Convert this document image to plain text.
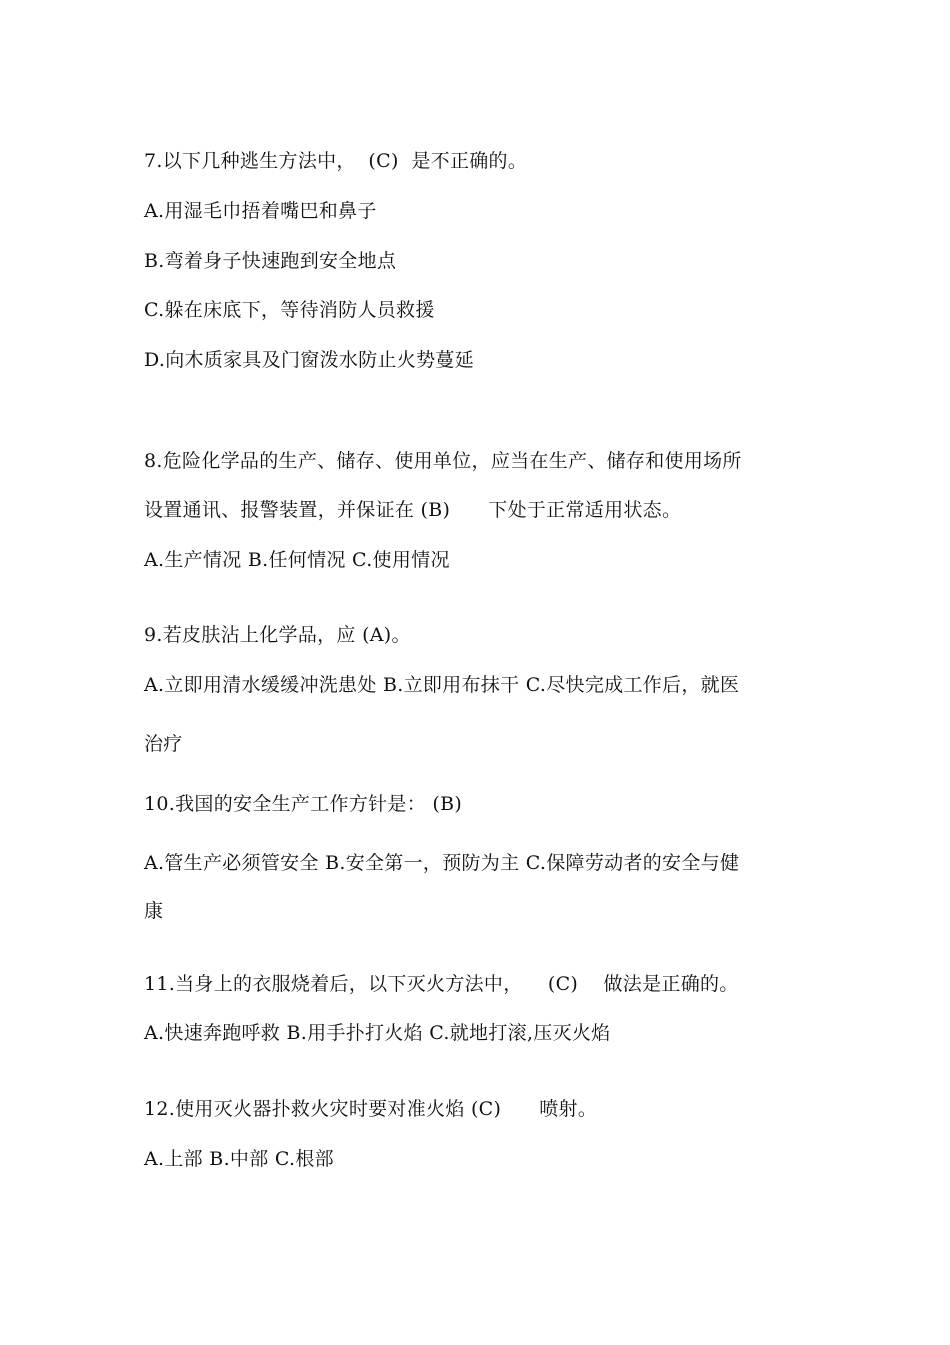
7.以下几种逃生方法中，  (C)  是不正确的。
A.用湿毛巾捂着嘴巴和鼻子
B.弯着身子快速跑到安全地点
C.躲在床底下，等待消防人员救援
D.向木质家具及门窗泼水防止火势蔓延
8.危险化学品的生产、储存、使用单位，应当在生产、储存和使用场所
设置通讯、报警装置，并保证在 (B)      下处于正常适用状态。
A.生产情况 B.任何情况 C.使用情况
9.若皮肤沾上化学品，应 (A)。
A.立即用清水缓缓冲洗患处 B.立即用布抹干 C.尽快完成工作后，就医
治疗
10.我国的安全生产工作方针是： (B)
A.管生产必须管安全 B.安全第一，预防为主 C.保障劳动者的安全与健
康
11.当身上的衣服烧着后，以下灭火方法中，    (C)    做法是正确的。
A.快速奔跑呼救 B.用手扑打火焰 C.就地打滚,压灭火焰
12.使用灭火器扑救火灾时要对准火焰 (C)      喷射。
A.上部 B.中部 C.根部
